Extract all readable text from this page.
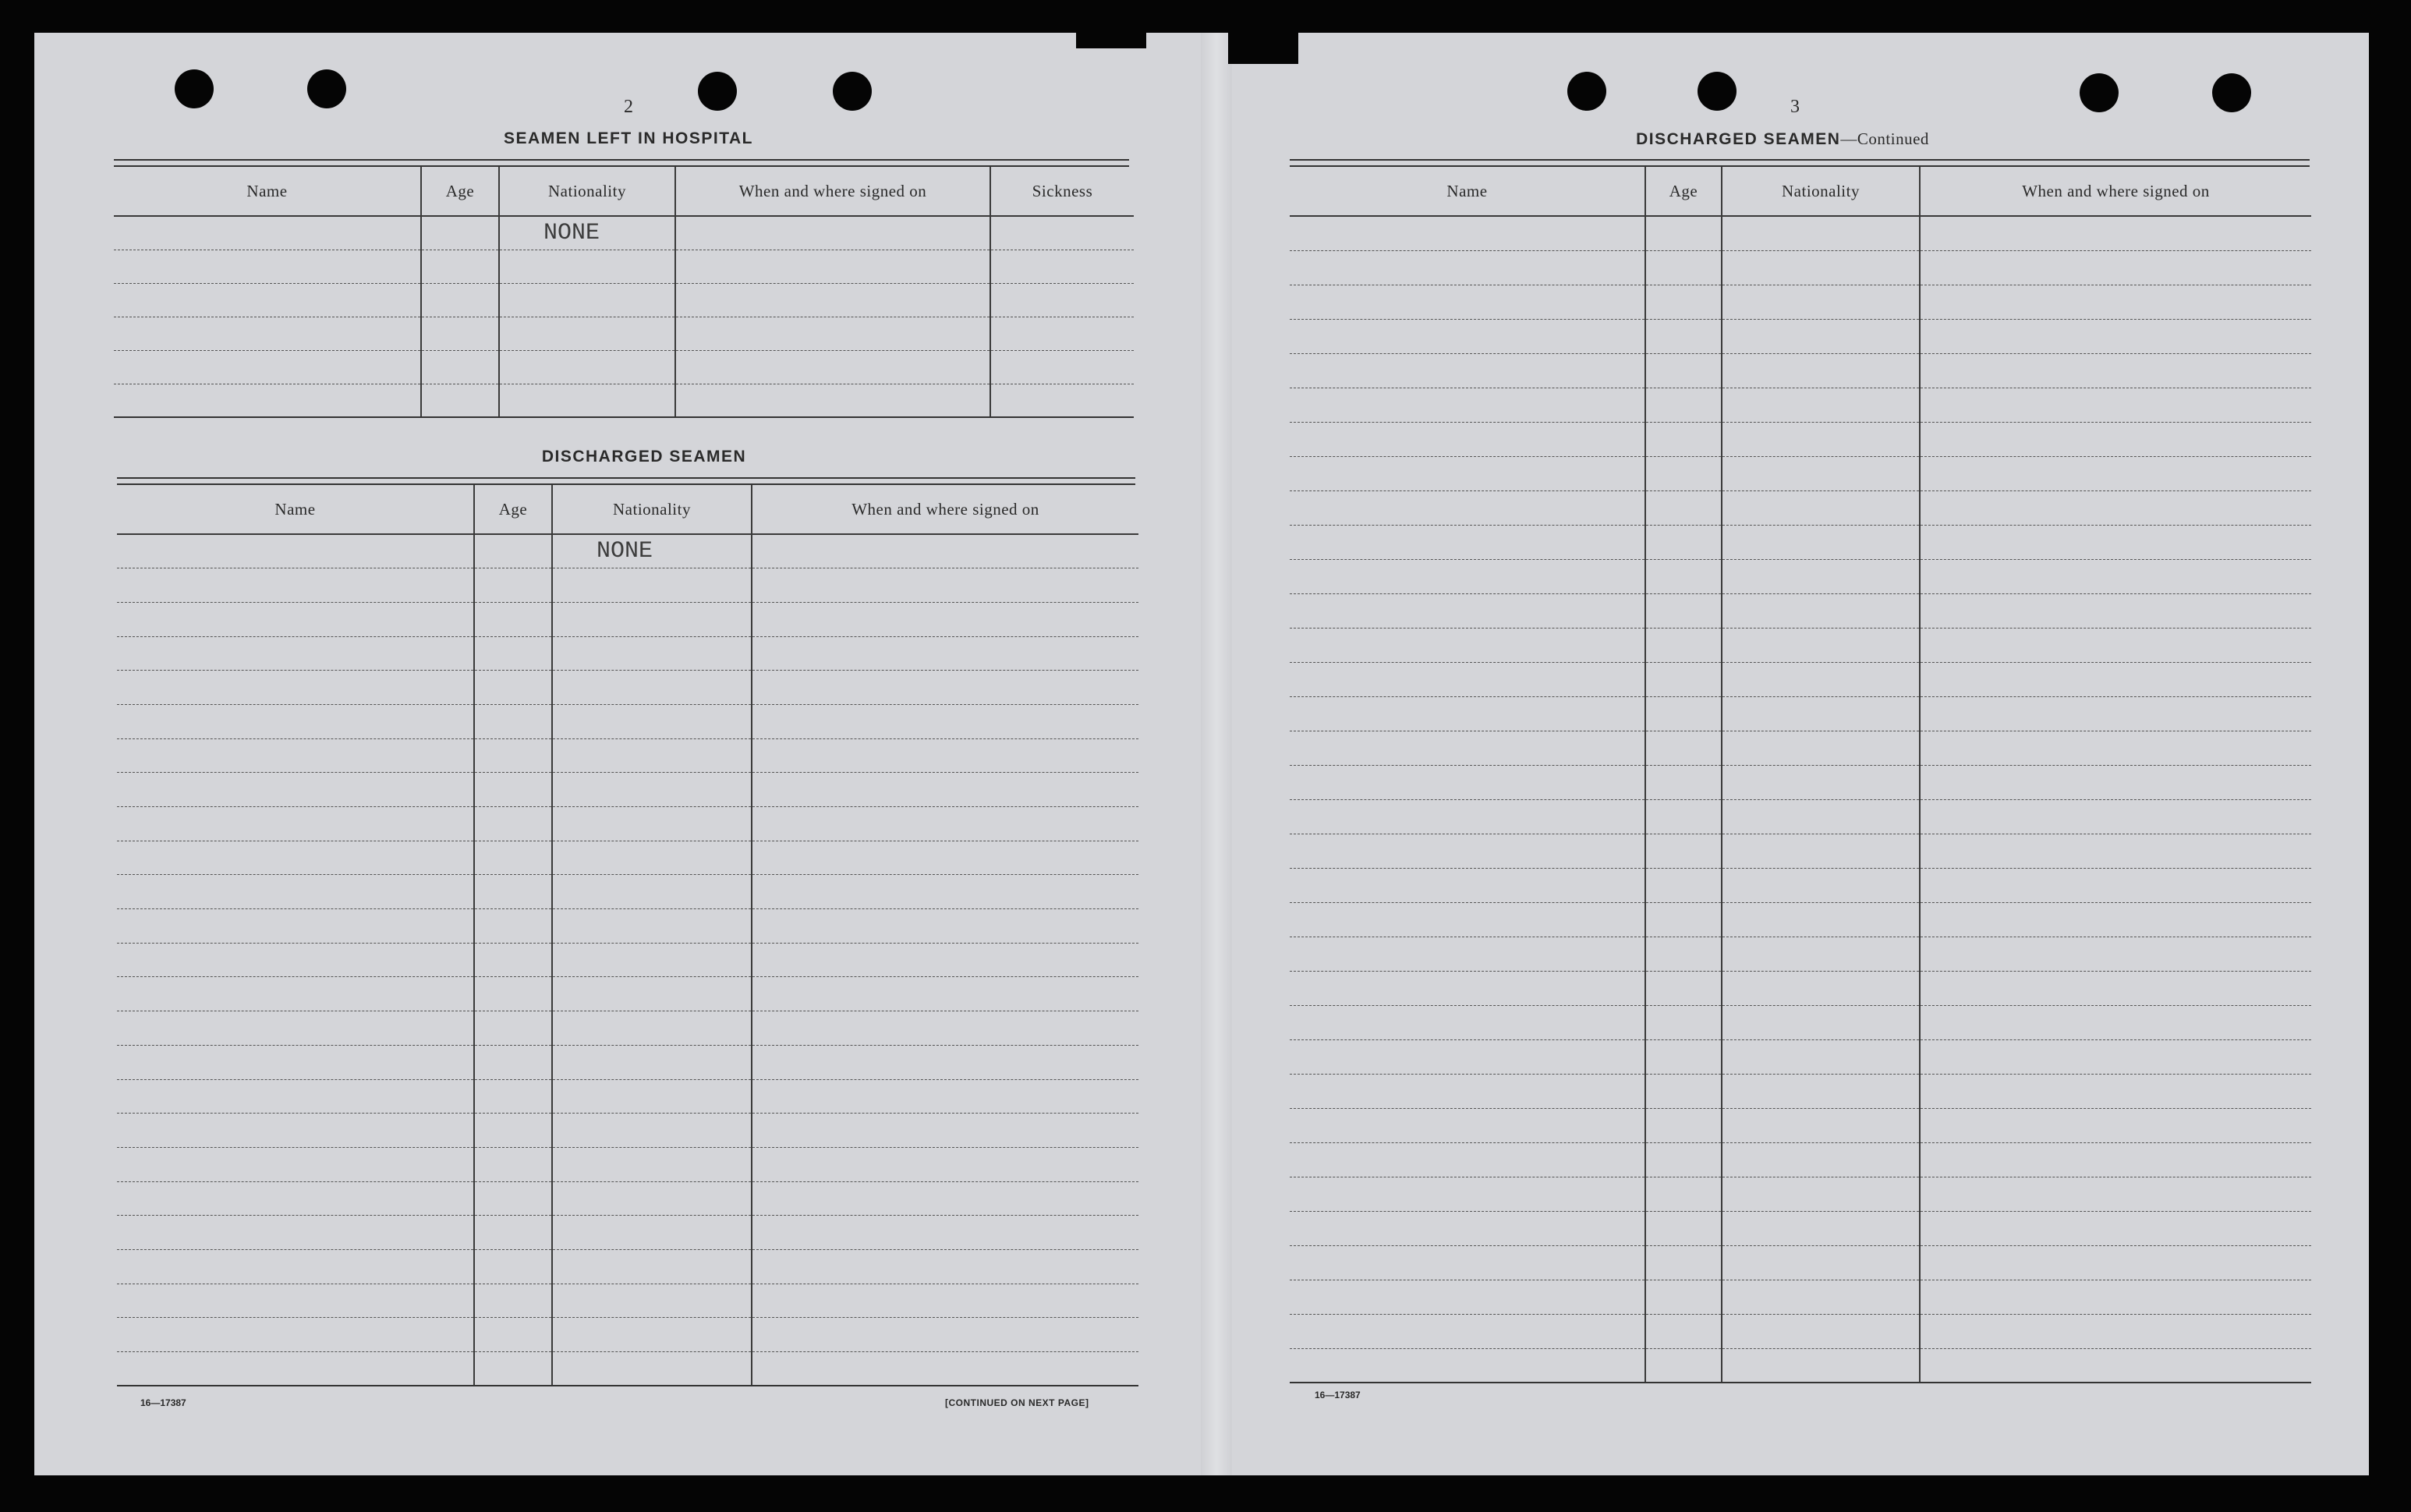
2
SEAMEN LEFT IN HOSPITAL
Name	Age	Nationality	When and where signed on	Sickness
		NONE		

DISCHARGED SEAMEN
Name	Age	Nationality	When and where signed on
		NONE	

16—17387	[CONTINUED ON NEXT PAGE]
3
DISCHARGED SEAMEN—Continued
Name	Age	Nationality	When and where signed on

16—17387
